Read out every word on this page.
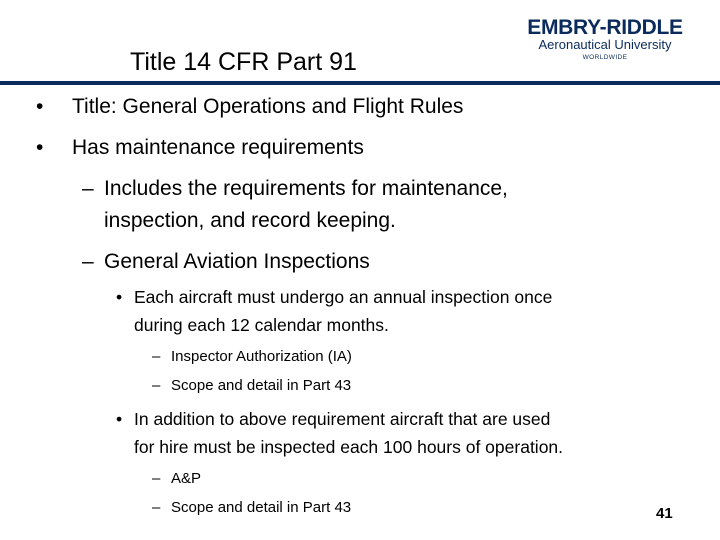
Title 14 CFR Part 91
EMBRY-RIDDLE
Aeronautical University
WORLDWIDE
• Title: General Operations and Flight Rules
• Has maintenance requirements
– Includes the requirements for maintenance,
inspection, and record keeping.
– General Aviation Inspections
• Each aircraft must undergo an annual inspection once
during each 12 calendar months.
– Inspector Authorization (IA)
– Scope and detail in Part 43
• In addition to above requirement aircraft that are used
for hire must be inspected each 100 hours of operation.
– A&P
– Scope and detail in Part 43	41
